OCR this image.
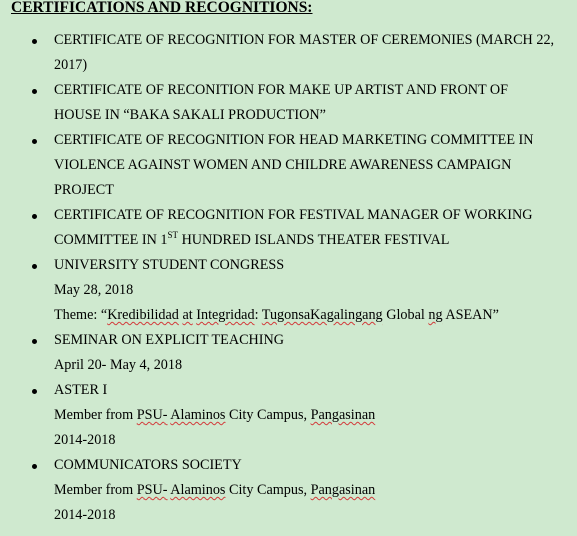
CERTIFICATIONS AND RECOGNITIONS:
CERTIFICATE OF RECOGNITION FOR MASTER OF CEREMONIES (MARCH 22,
2017)
CERTIFICATE OF RECONITION FOR MAKE UP ARTIST AND FRONT OF
HOUSE IN “BAKA SAKALI PRODUCTION”
CERTIFICATE OF RECOGNITION FOR HEAD MARKETING COMMITTEE IN
VIOLENCE AGAINST WOMEN AND CHILDRE AWARENESS CAMPAIGN
PROJECT
CERTIFICATE OF RECOGNITION FOR FESTIVAL MANAGER OF WORKING
COMMITTEE IN 1ST HUNDRED ISLANDS THEATER FESTIVAL
UNIVERSITY STUDENT CONGRESS
May 28, 2018
Theme: “Kredibilidad at Integridad: TugonsaKagalingang Global ng ASEAN”
SEMINAR ON EXPLICIT TEACHING
April 20- May 4, 2018
ASTER I
Member from PSU- Alaminos City Campus, Pangasinan
2014-2018
COMMUNICATORS SOCIETY
Member from PSU- Alaminos City Campus, Pangasinan
2014-2018
